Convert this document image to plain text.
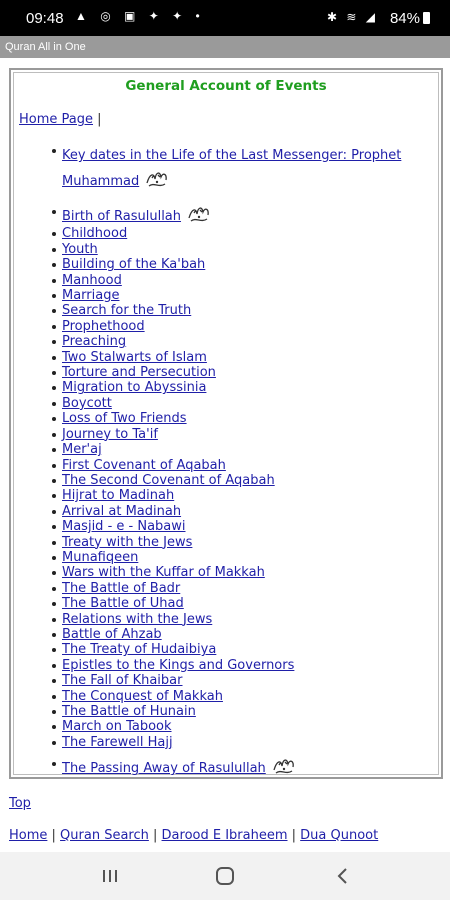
09:48 ▲ ◎ ▣ ✦ ✦ •	✱ ≋ ◢ 84%
Quran All in One
General Account of Events
Home Page |
Key dates in the Life of the Last Messenger: Prophet Muhammad
Birth of Rasulullah
Childhood
Youth
Building of the Ka'bah
Manhood
Marriage
Search for the Truth
Prophethood
Preaching
Two Stalwarts of Islam
Torture and Persecution
Migration to Abyssinia
Boycott
Loss of Two Friends
Journey to Ta'if
Mer'aj
First Covenant of Aqabah
The Second Covenant of Aqabah
Hijrat to Madinah
Arrival at Madinah
Masjid - e - Nabawi
Treaty with the Jews
Munafiqeen
Wars with the Kuffar of Makkah
The Battle of Badr
The Battle of Uhad
Relations with the Jews
Battle of Ahzab
The Treaty of Hudaibiya
Epistles to the Kings and Governors
The Fall of Khaibar
The Conquest of Makkah
The Battle of Hunain
March on Tabook
The Farewell Hajj
The Passing Away of Rasulullah
Top
Home | Quran Search | Darood E Ibraheem | Dua Qunoot
